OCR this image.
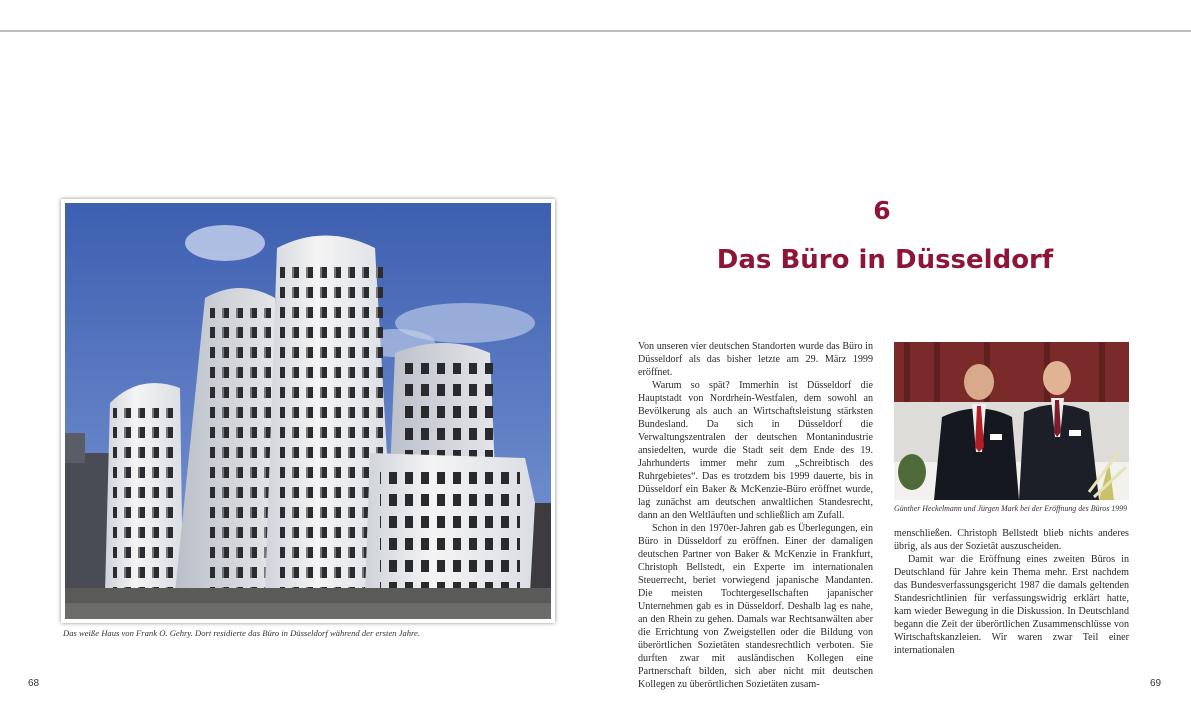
Das weiße Haus von Frank O. Gehry. Dort residierte das Büro in Düsseldorf während der ersten Jahre.
68
6
Das Büro in Düsseldorf

Von unseren vier deutschen Standorten wurde das Büro in Düsseldorf als das bisher letzte am 29. März 1999 eröffnet.

Warum so spät? Immerhin ist Düsseldorf die Hauptstadt von Nordrhein-Westfalen, dem sowohl an Bevölkerung als auch an Wirtschaftsleistung stärksten Bundesland. Da sich in Düsseldorf die Verwaltungszentralen der deutschen Montanindustrie ansiedelten, wurde die Stadt seit dem Ende des 19. Jahrhunderts immer mehr zum „Schreibtisch des Ruhrgebietes“. Das es trotzdem bis 1999 dauerte, bis in Düsseldorf ein Baker & McKenzie-Büro eröffnet wurde, lag zunächst am deutschen anwaltlichen Standesrecht, dann an den Weltläuften und schließlich am Zufall.

Schon in den 1970er-Jahren gab es Überlegungen, ein Büro in Düsseldorf zu eröffnen. Einer der damaligen deutschen Partner von Baker & McKenzie in Frankfurt, Christoph Bellstedt, ein Experte im internationalen Steuerrecht, beriet vorwiegend japanische Mandanten. Die meisten Tochtergesellschaften japanischer Unternehmen gab es in Düsseldorf. Deshalb lag es nahe, an den Rhein zu gehen. Damals war Rechtsanwälten aber die Errichtung von Zweigstellen oder die Bildung von überörtlichen Sozietäten standesrechtlich verboten. Sie durften zwar mit ausländischen Kollegen eine Partnerschaft bilden, sich aber nicht mit deutschen Kollegen zu überörtlichen Sozietäten zusam-

Günther Heckelmann und Jürgen Mark bei der Eröffnung des Büros 1999

menschließen. Christoph Bellstedt blieb nichts anderes übrig, als aus der Sozietät auszuscheiden.

Damit war die Eröffnung eines zweiten Büros in Deutschland für Jahre kein Thema mehr. Erst nachdem das Bundesverfassungsgericht 1987 die damals geltenden Standesrichtlinien für verfassungswidrig erklärt hatte, kam wieder Bewegung in die Diskussion. In Deutschland begann die Zeit der überörtlichen Zusammenschlüsse von Wirtschaftskanzleien. Wir waren zwar Teil einer internationalen

69
